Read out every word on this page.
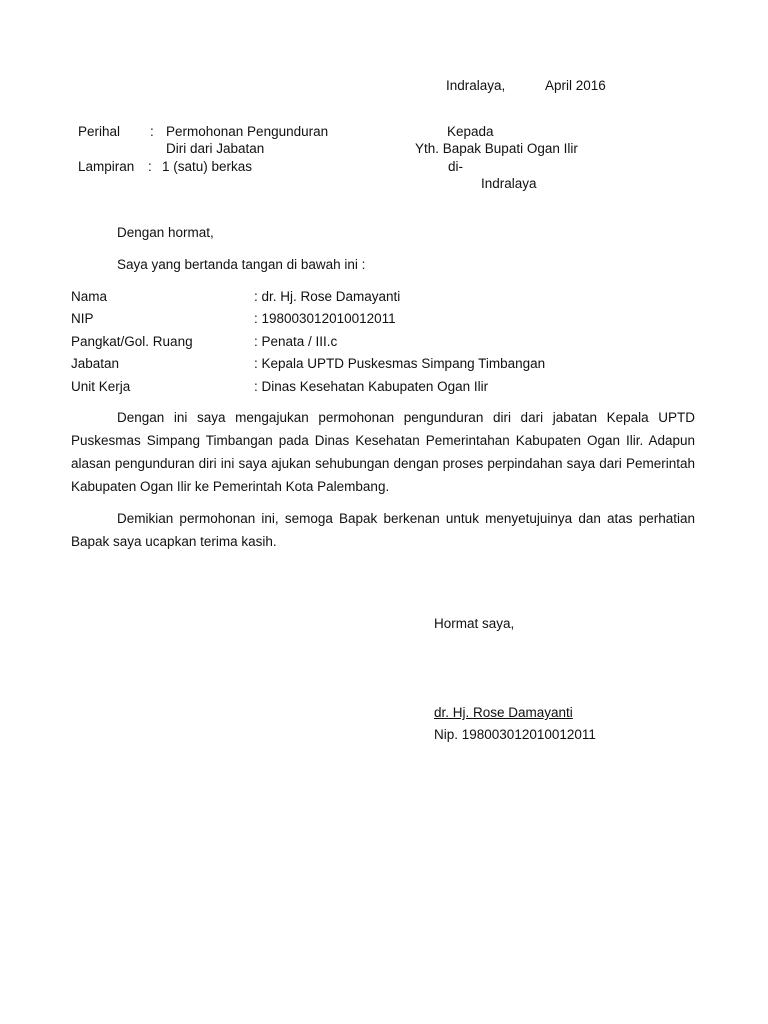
Indralaya,	April 2016
Perihal : Permohonan Pengunduran
Diri dari Jabatan
Lampiran : 1 (satu) berkas
Kepada
Yth. Bapak Bupati Ogan Ilir
di-
Indralaya
Dengan hormat,
Saya yang bertanda tangan di bawah ini :
Nama	: dr. Hj. Rose Damayanti
NIP	: 198003012010012011
Pangkat/Gol. Ruang	: Penata / III.c
Jabatan	: Kepala UPTD Puskesmas Simpang Timbangan
Unit Kerja	: Dinas Kesehatan Kabupaten Ogan Ilir
Dengan ini saya mengajukan permohonan pengunduran diri dari jabatan Kepala UPTD Puskesmas Simpang Timbangan pada Dinas Kesehatan Pemerintahan Kabupaten Ogan Ilir. Adapun alasan pengunduran diri ini saya ajukan sehubungan dengan proses perpindahan saya dari Pemerintah Kabupaten Ogan Ilir ke Pemerintah Kota Palembang.
Demikian permohonan ini, semoga Bapak berkenan untuk menyetujuinya dan atas perhatian Bapak saya ucapkan terima kasih.
Hormat saya,
dr. Hj. Rose Damayanti
Nip. 198003012010012011
